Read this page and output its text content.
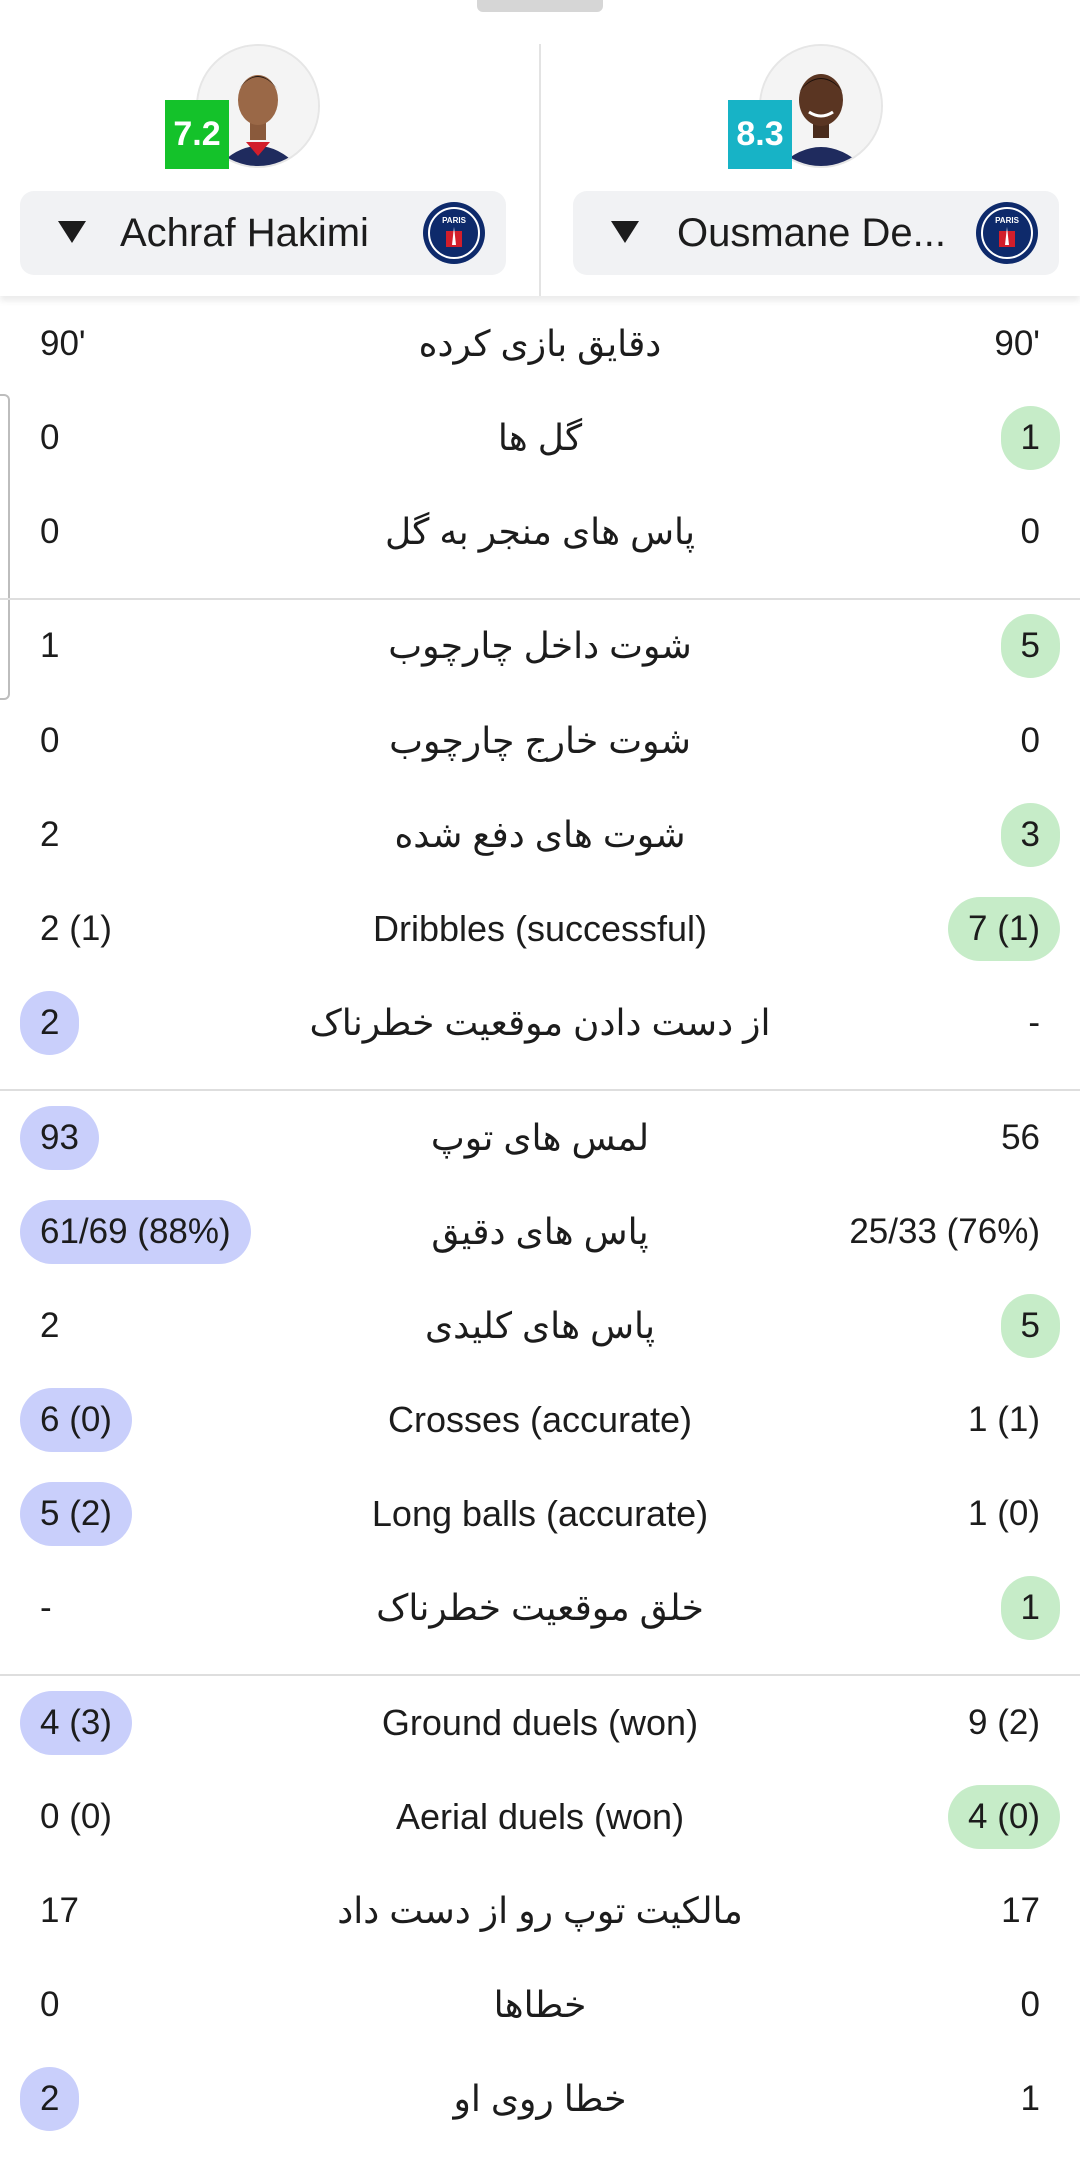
7.2
Achraf Hakimi	PARIS
8.3
Ousmane De...	PARIS
90'	دقایق بازی کرده	90'
0	گل ها	1
0	پاس های منجر به گل	0
1	شوت داخل چارچوب	5
0	شوت خارج چارچوب	0
2	شوت های دفع شده	3
2 (1)	Dribbles (successful)	7 (1)
2	از دست دادن موقعیت خطرناک	-
93	لمس های توپ	56
61/69 (88%)	پاس های دقیق	25/33 (76%)
2	پاس های کلیدی	5
6 (0)	Crosses (accurate)	1 (1)
5 (2)	Long balls (accurate)	1 (0)
-	خلق موقعیت خطرناک	1
4 (3)	Ground duels (won)	9 (2)
0 (0)	Aerial duels (won)	4 (0)
17	مالکیت توپ رو از دست داد	17
0	خطاها	0
2	خطا روی او	1
